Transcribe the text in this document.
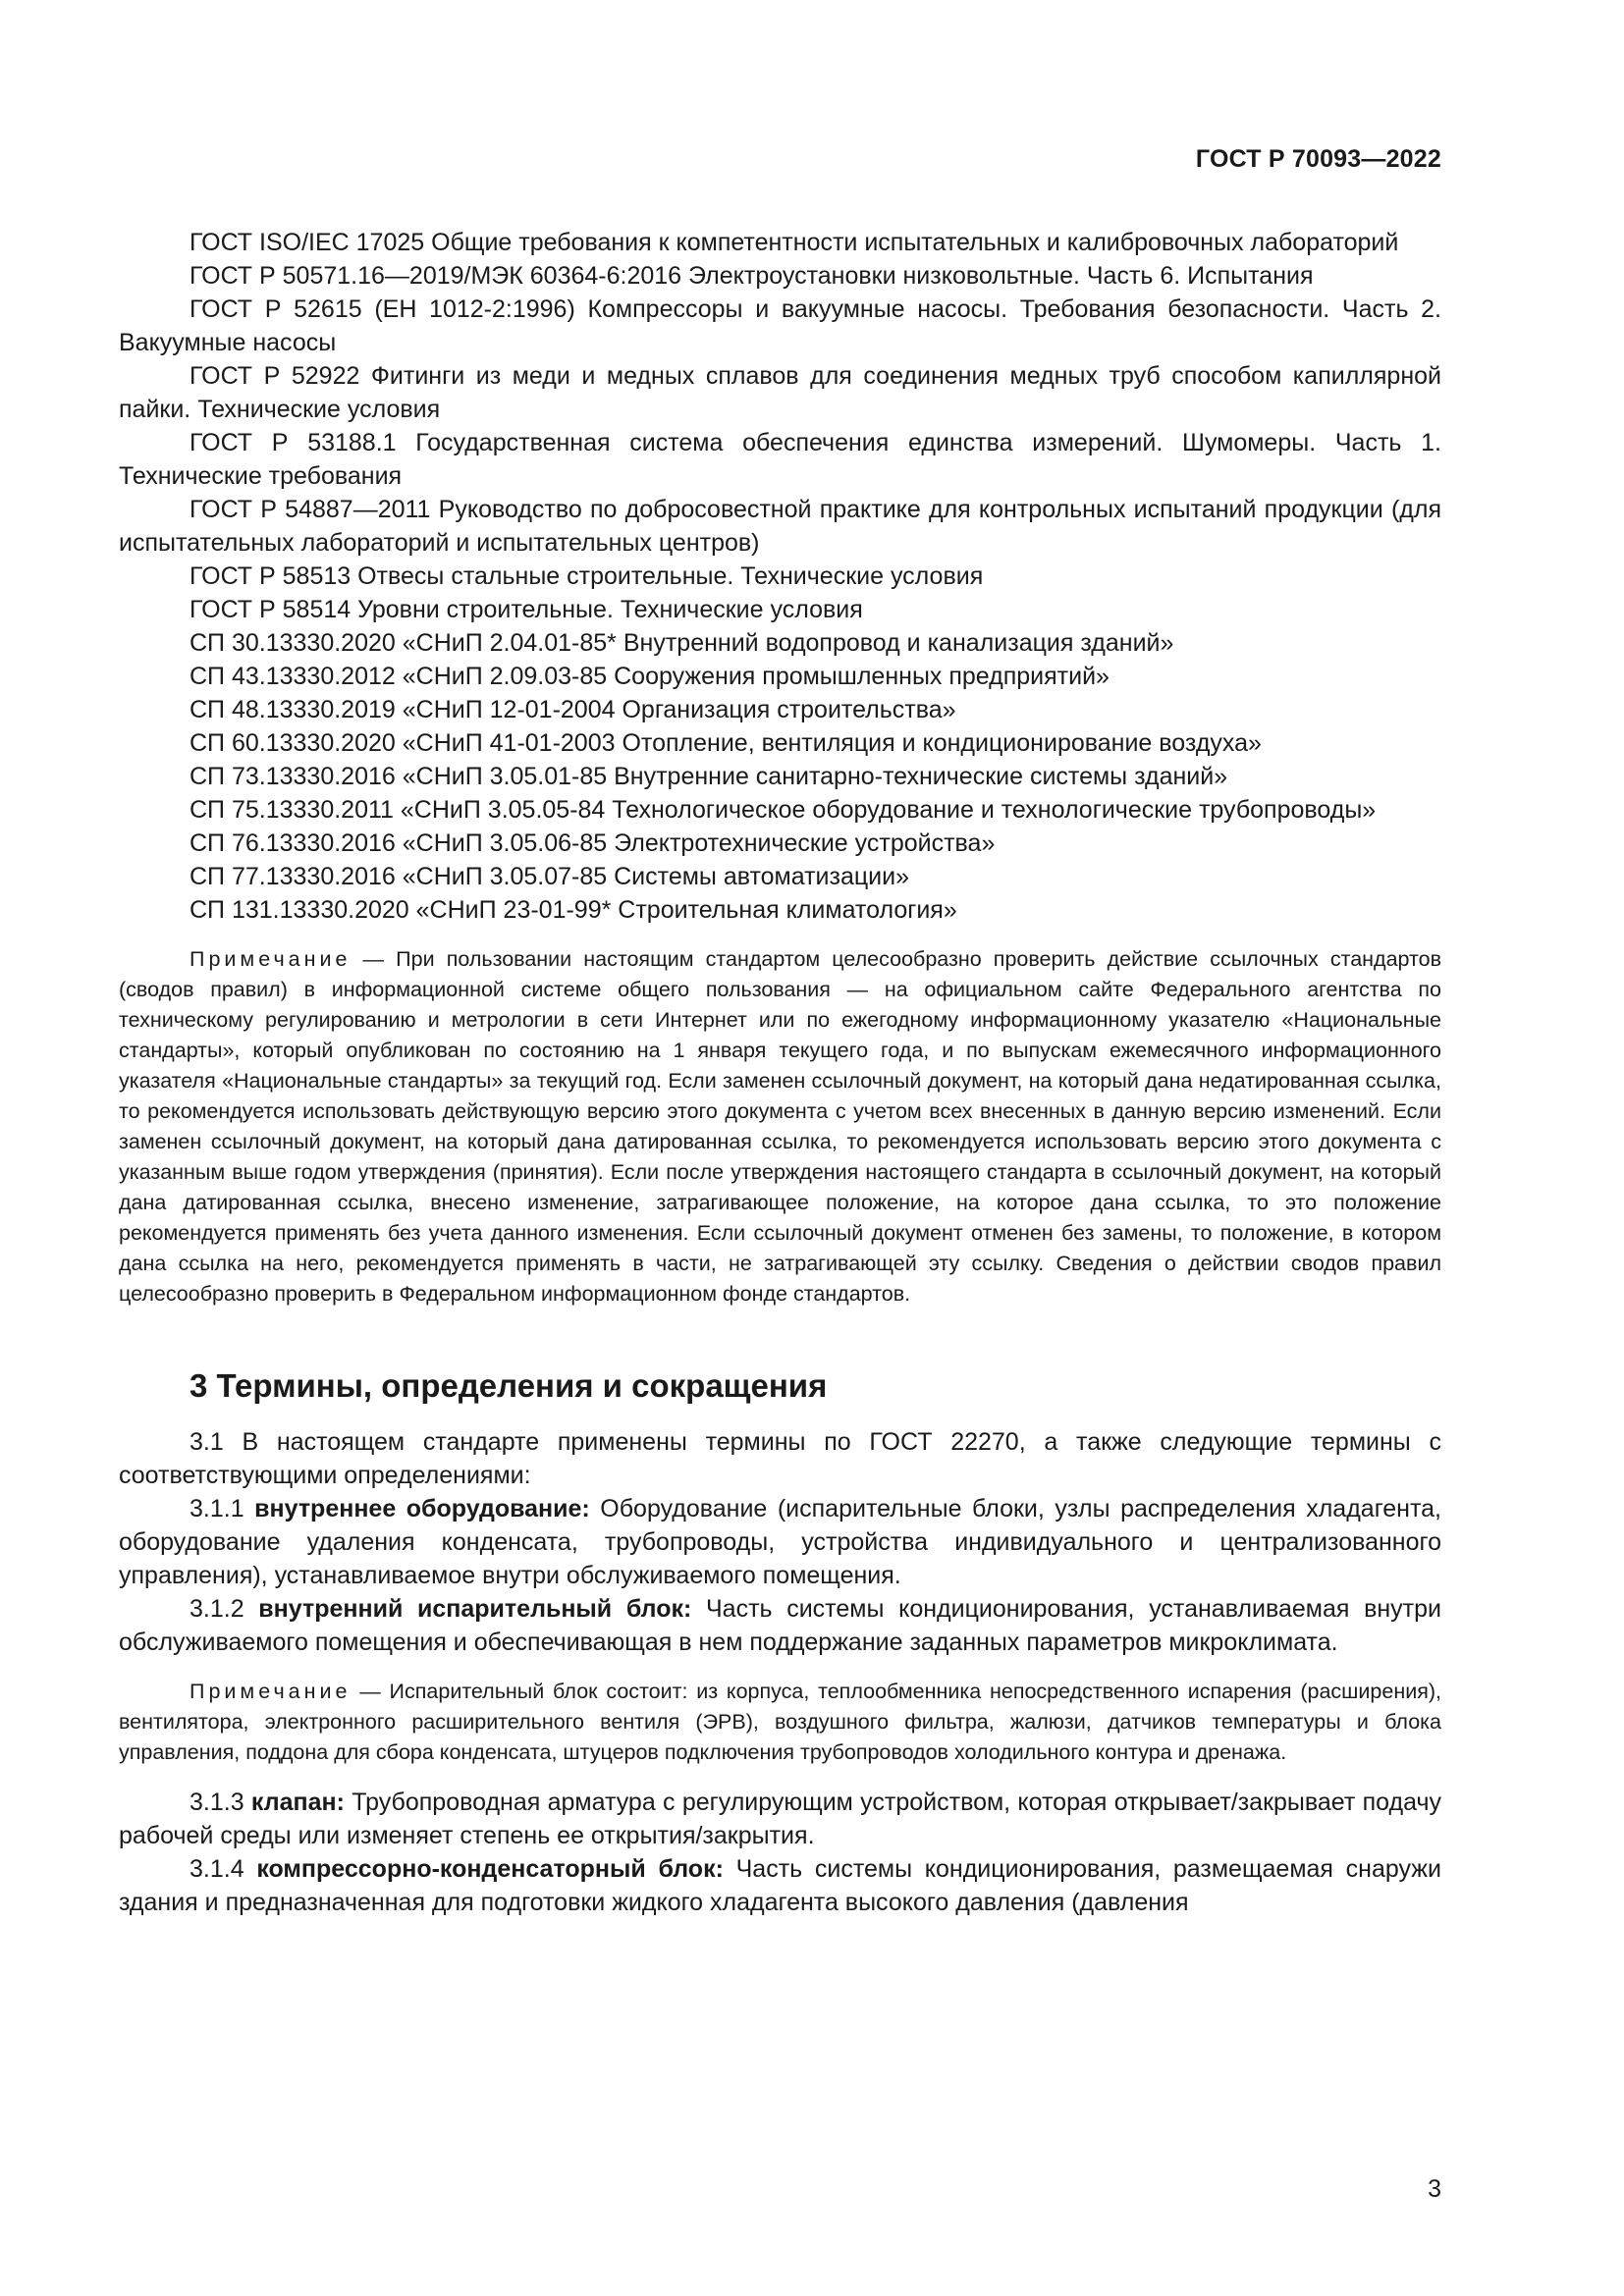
ГОСТ Р 70093—2022
ГОСТ ISO/IEC 17025 Общие требования к компетентности испытательных и калибровочных лабораторий
ГОСТ Р 50571.16—2019/МЭК 60364-6:2016 Электроустановки низковольтные. Часть 6. Испытания
ГОСТ Р 52615 (ЕН 1012-2:1996) Компрессоры и вакуумные насосы. Требования безопасности. Часть 2. Вакуумные насосы
ГОСТ Р 52922 Фитинги из меди и медных сплавов для соединения медных труб способом капиллярной пайки. Технические условия
ГОСТ Р 53188.1 Государственная система обеспечения единства измерений. Шумомеры. Часть 1. Технические требования
ГОСТ Р 54887—2011 Руководство по добросовестной практике для контрольных испытаний продукции (для испытательных лабораторий и испытательных центров)
ГОСТ Р 58513 Отвесы стальные строительные. Технические условия
ГОСТ Р 58514 Уровни строительные. Технические условия
СП 30.13330.2020 «СНиП 2.04.01-85* Внутренний водопровод и канализация зданий»
СП 43.13330.2012 «СНиП 2.09.03-85 Сооружения промышленных предприятий»
СП 48.13330.2019 «СНиП 12-01-2004 Организация строительства»
СП 60.13330.2020 «СНиП 41-01-2003 Отопление, вентиляция и кондиционирование воздуха»
СП 73.13330.2016 «СНиП 3.05.01-85 Внутренние санитарно-технические системы зданий»
СП 75.13330.2011 «СНиП 3.05.05-84 Технологическое оборудование и технологические трубопроводы»
СП 76.13330.2016 «СНиП 3.05.06-85 Электротехнические устройства»
СП 77.13330.2016 «СНиП 3.05.07-85 Системы автоматизации»
СП 131.13330.2020 «СНиП 23-01-99* Строительная климатология»

Примечание — При пользовании настоящим стандартом целесообразно проверить действие ссылочных стандартов (сводов правил) в информационной системе общего пользования — на официальном сайте Федерального агентства по техническому регулированию и метрологии в сети Интернет или по ежегодному информационному указателю «Национальные стандарты», который опубликован по состоянию на 1 января текущего года, и по выпускам ежемесячного информационного указателя «Национальные стандарты» за текущий год. Если заменен ссылочный документ, на который дана недатированная ссылка, то рекомендуется использовать действующую версию этого документа с учетом всех внесенных в данную версию изменений. Если заменен ссылочный документ, на который дана датированная ссылка, то рекомендуется использовать версию этого документа с указанным выше годом утверждения (принятия). Если после утверждения настоящего стандарта в ссылочный документ, на который дана датированная ссылка, внесено изменение, затрагивающее положение, на которое дана ссылка, то это положение рекомендуется применять без учета данного изменения. Если ссылочный документ отменен без замены, то положение, в котором дана ссылка на него, рекомендуется применять в части, не затрагивающей эту ссылку. Сведения о действии сводов правил целесообразно проверить в Федеральном информационном фонде стандартов.

3 Термины, определения и сокращения

3.1 В настоящем стандарте применены термины по ГОСТ 22270, а также следующие термины с соответствующими определениями:

3.1.1 внутреннее оборудование: Оборудование (испарительные блоки, узлы распределения хладагента, оборудование удаления конденсата, трубопроводы, устройства индивидуального и централизованного управления), устанавливаемое внутри обслуживаемого помещения.

3.1.2 внутренний испарительный блок: Часть системы кондиционирования, устанавливаемая внутри обслуживаемого помещения и обеспечивающая в нем поддержание заданных параметров микроклимата.

Примечание — Испарительный блок состоит: из корпуса, теплообменника непосредственного испарения (расширения), вентилятора, электронного расширительного вентиля (ЭРВ), воздушного фильтра, жалюзи, датчиков температуры и блока управления, поддона для сбора конденсата, штуцеров подключения трубопроводов холодильного контура и дренажа.

3.1.3 клапан: Трубопроводная арматура с регулирующим устройством, которая открывает/закрывает подачу рабочей среды или изменяет степень ее открытия/закрытия.

3.1.4 компрессорно-конденсаторный блок: Часть системы кондиционирования, размещаемая снаружи здания и предназначенная для подготовки жидкого хладагента высокого давления (давления

3
